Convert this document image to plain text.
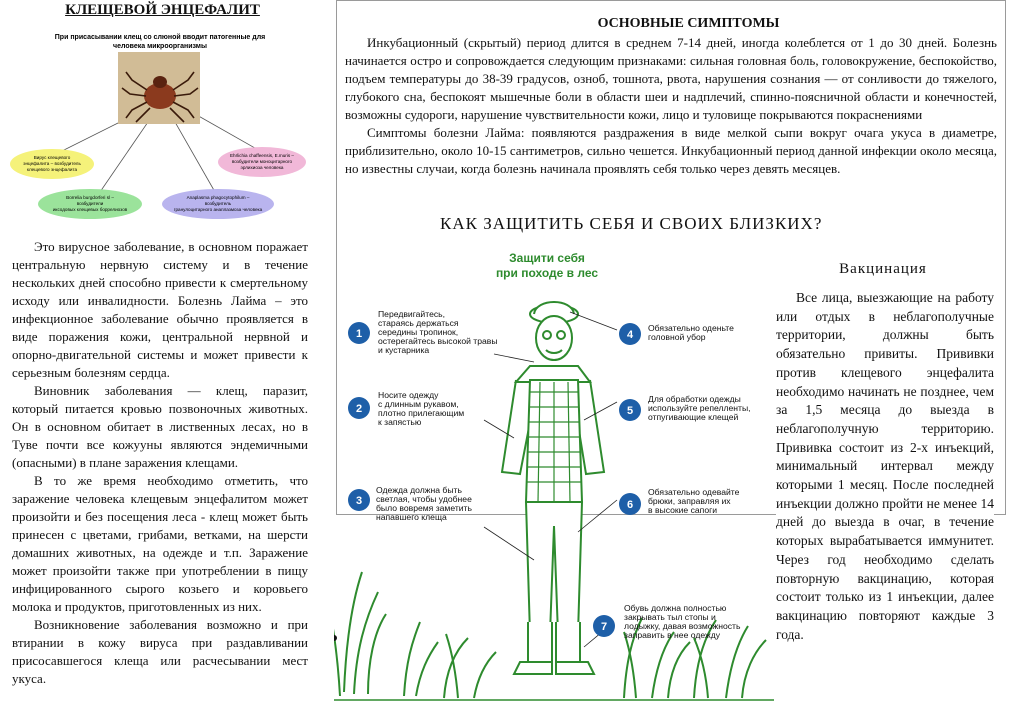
КЛЕЩЕВОЙ ЭНЦЕФАЛИТ
При присасывании клещ со слюной вводит патогенные для
человека микроорганизмы
Вирус клещевого
энцефалита – возбудитель
клещевого энцефалита
Ehrlichia chaffeensis, E.muris –
возбудители моноцитарного
эрлихиоза человека
Borrelia burgdorferi sl –
возбудители
иксодовых клещевых боррелиозов
Anaplasma phagocytophilum –
возбудитель
гранулоцитарного анаплазмоза человека

Это вирусное заболевание, в основном поражает центральную нервную систему и в течение нескольких дней способно привести к смертельному исходу или инвалидности. Болезнь Лайма – это инфекционное заболевание обычно проявляется в виде поражения кожи, центральной нервной и опорно-двигательной системы и может привести к серьезным болезням сердца.

Виновник заболевания — клещ, паразит, который питается кровью позвоночных животных. Он в основном обитает в лиственных лесах, но в Туве почти все кожууны являются эндемичными (опасными) в плане заражения клещами.

В то же время необходимо отметить, что заражение человека клещевым энцефалитом может произойти и без посещения леса - клещ может быть принесен с цветами, грибами, ветками, на шерсти домашних животных, на одежде и т.п. Заражение может произойти также при употреблении в пищу инфицированного сырого козьего и коровьего молока и продуктов, приготовленных из них.

Возникновение заболевания возможно и при втирании в кожу вируса при раздавливании присосавшегося клеща или расчесывании мест укуса.

ОСНОВНЫЕ СИМПТОМЫ

Инкубационный (скрытый) период длится в среднем 7-14 дней, иногда колеблется от 1 до 30 дней. Болезнь начинается остро и сопровождается следующим признаками: сильная головная боль, головокружение, беспокойство, подъем температуры до 38-39 градусов, озноб, тошнота, рвота, нарушения сознания — от сонливости до тяжелого, глубокого сна, беспокоят мышечные боли в области шеи и надплечий, спинно-поясничной области и конечностей, возможны судороги, нарушение чувствительности кожи, лицо и туловище покрываются покраснениями

Симптомы болезни Лайма: появляются раздражения в виде мелкой сыпи вокруг очага укуса в диаметре, приблизительно, около 10-15 сантиметров, сильно чешется. Инкубационный период данной инфекции около месяца, но известны случаи, когда болезнь начинала проявлять себя только через девять месяцев.

КАК ЗАЩИТИТЬ СЕБЯ И СВОИХ БЛИЗКИХ?
Защити себя
при походе в лес
1
2
3
4
5
6
7
Передвигайтесь, стараясь держаться середины тропинок, остерегайтесь высокой травы и кустарника
Носите одежду с длинным рукавом, плотно прилегающим к запястью
Одежда должна быть светлая, чтобы удобнее было вовремя заметить напавшего клеща
Обязательно оденьте головной убор
Для обработки одежды используйте репелленты, отпугивающие клещей
Обязательно одевайте брюки, заправляя их в высокие сапоги
Обувь должна полностью закрывать тыл стопы и лодыжку, давая возможность заправить в нее одежду
Вакцинация

Все лица, выезжающие на работу или отдых в неблагополучные территории, должны быть обязательно привиты. Прививки против клещевого энцефалита необходимо начинать не позднее, чем за 1,5 месяца до выезда в неблагополучную территорию. Прививка состоит из 2-х инъекций, минимальный интервал между которыми 1 месяц. После последней инъекции должно пройти не менее 14 дней до выезда в очаг, в течение которых вырабатывается иммунитет. Через год необходимо сделать повторную вакцинацию, которая состоит только из 1 инъекции, далее вакцинацию повторяют каждые 3 года.
